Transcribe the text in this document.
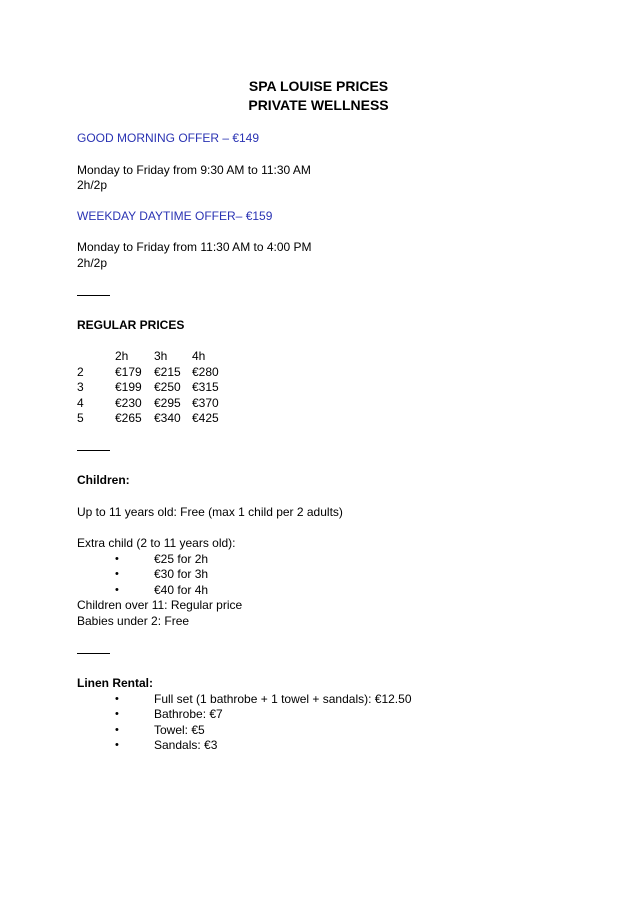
SPA LOUISE PRICES
PRIVATE WELLNESS
GOOD MORNING OFFER – €149
Monday to Friday from 9:30 AM to 11:30 AM
2h/2p
WEEKDAY DAYTIME OFFER– €159
Monday to Friday from 11:30 AM to 4:00 PM
2h/2p
REGULAR PRICES
2h 3h 4h
2	€179 €215 €280
3	€199 €250 €315
4	€230 €295 €370
5	€265 €340 €425
Children:
Up to 11 years old: Free (max 1 child per 2 adults)
Extra child (2 to 11 years old):
•	€25 for 2h
•	€30 for 3h
•	€40 for 4h
Children over 11: Regular price
Babies under 2: Free
Linen Rental:
•	Full set (1 bathrobe + 1 towel + sandals): €12.50
•	Bathrobe: €7
•	Towel: €5
•	Sandals: €3
